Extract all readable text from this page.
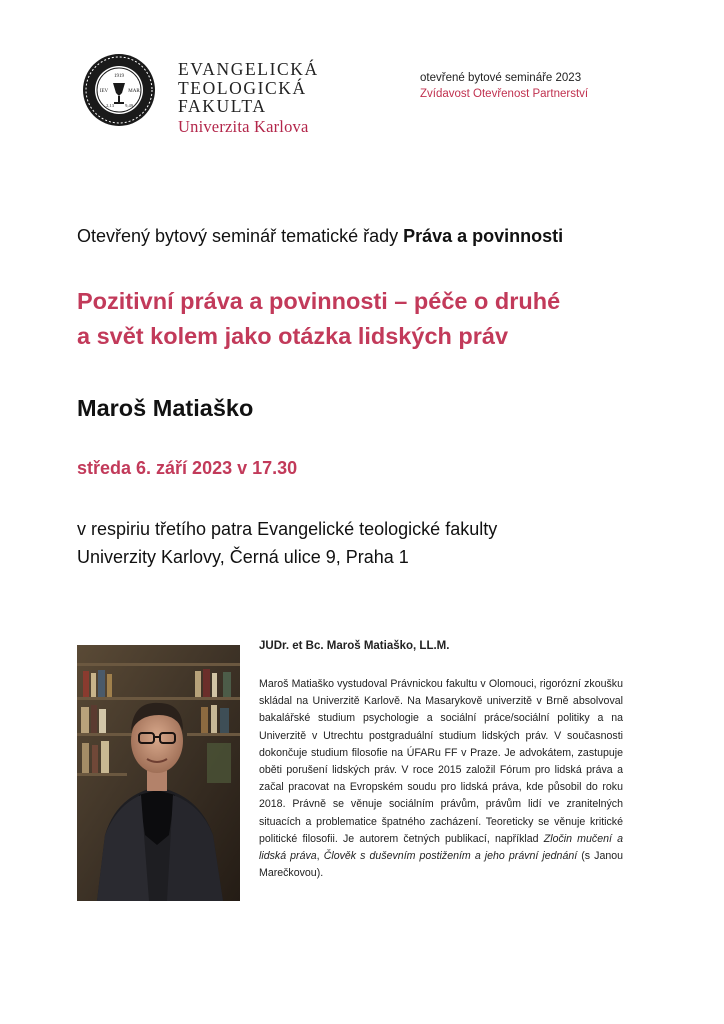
1919
IEV	MAR
2,13 9,49
EVANGELICKÁ
TEOLOGICKÁ
FAKULTA
Univerzita Karlova
otevřené bytové semináře 2023
Zvídavost Otevřenost Partnerství
Otevřený bytový seminář tematické řady Práva a povinnosti
Pozitivní práva a povinnosti – péče o druhé
a svět kolem jako otázka lidských práv
Maroš Matiaško
středa 6. září 2023 v 17.30
v respiriu třetího patra Evangelické teologické fakulty
Univerzity Karlovy, Černá ulice 9, Praha 1
JUDr. et Bc. Maroš Matiaško, LL.M.
Maroš Matiaško vystudoval Právnickou fakultu v Olomouci, rigorózní zkoušku skládal na Univerzitě Karlově. Na Masarykově univerzitě v Brně absolvoval bakalářské studium psychologie a sociální práce/sociální politiky a na Univerzitě v Utrechtu postgraduální studium lidských práv. V současnosti dokončuje studium filosofie na ÚFARu FF v Praze. Je advokátem, zastupuje oběti porušení lidských práv. V roce 2015 založil Fórum pro lidská práva a začal pracovat na Evropském soudu pro lidská práva, kde působil do roku 2018. Právně se věnuje sociálním právům, právům lidí ve zranitelných situacích a problematice špatného zacházení. Teoreticky se věnuje kritické politické filosofii. Je autorem četných publikací, například Zločin mučení a lidská práva, Člověk s duševním postižením a jeho právní jednání (s Janou Marečkovou).
